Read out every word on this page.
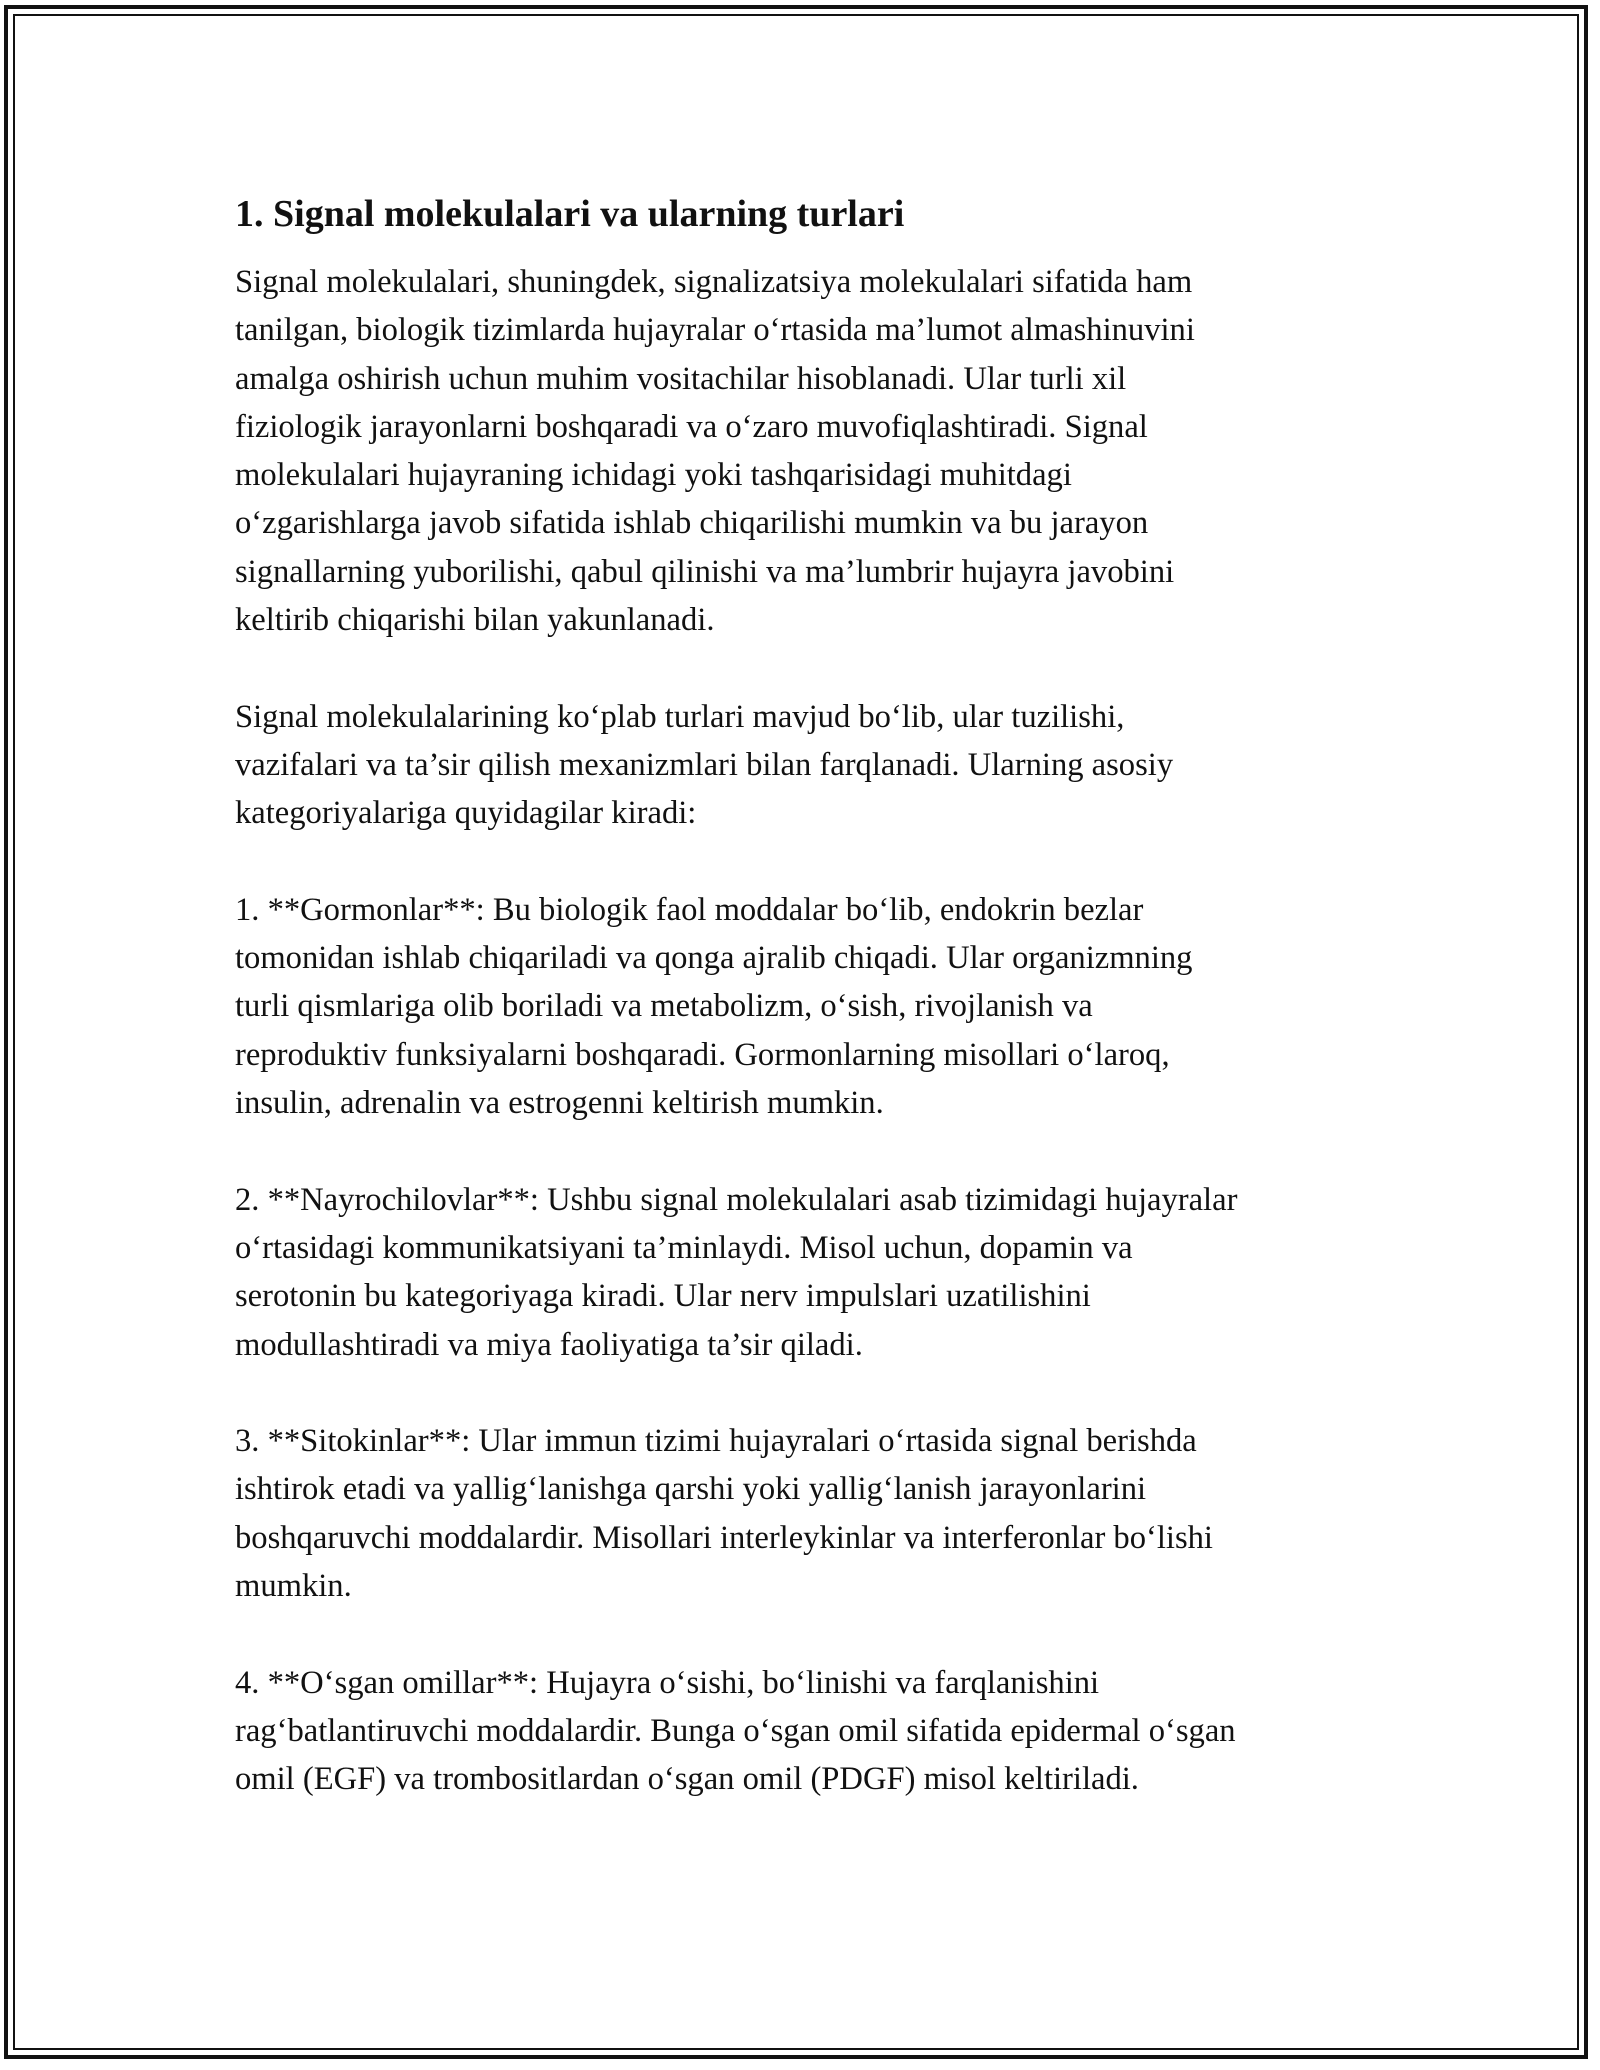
1. Signal molekulalari va ularning turlari

Signal molekulalari, shuningdek, signalizatsiya molekulalari sifatida ham

tanilgan, biologik tizimlarda hujayralar o‘rtasida ma’lumot almashinuvini

amalga oshirish uchun muhim vositachilar hisoblanadi. Ular turli xil

fiziologik jarayonlarni boshqaradi va o‘zaro muvofiqlashtiradi. Signal

molekulalari hujayraning ichidagi yoki tashqarisidagi muhitdagi

o‘zgarishlarga javob sifatida ishlab chiqarilishi mumkin va bu jarayon

signallarning yuborilishi, qabul qilinishi va ma’lumbrir hujayra javobini

keltirib chiqarishi bilan yakunlanadi.

Signal molekulalarining ko‘plab turlari mavjud bo‘lib, ular tuzilishi,

vazifalari va ta’sir qilish mexanizmlari bilan farqlanadi. Ularning asosiy

kategoriyalariga quyidagilar kiradi:

1. **Gormonlar**: Bu biologik faol moddalar bo‘lib, endokrin bezlar

tomonidan ishlab chiqariladi va qonga ajralib chiqadi. Ular organizmning

turli qismlariga olib boriladi va metabolizm, o‘sish, rivojlanish va

reproduktiv funksiyalarni boshqaradi. Gormonlarning misollari o‘laroq,

insulin, adrenalin va estrogenni keltirish mumkin.

2. **Nayrochilovlar**: Ushbu signal molekulalari asab tizimidagi hujayralar

o‘rtasidagi kommunikatsiyani ta’minlaydi. Misol uchun, dopamin va

serotonin bu kategoriyaga kiradi. Ular nerv impulslari uzatilishini

modullashtiradi va miya faoliyatiga ta’sir qiladi.

3. **Sitokinlar**: Ular immun tizimi hujayralari o‘rtasida signal berishda

ishtirok etadi va yallig‘lanishga qarshi yoki yallig‘lanish jarayonlarini

boshqaruvchi moddalardir. Misollari interleykinlar va interferonlar bo‘lishi

mumkin.

4. **O‘sgan omillar**: Hujayra o‘sishi, bo‘linishi va farqlanishini

rag‘batlantiruvchi moddalardir. Bunga o‘sgan omil sifatida epidermal o‘sgan

omil (EGF) va trombositlardan o‘sgan omil (PDGF) misol keltiriladi.
